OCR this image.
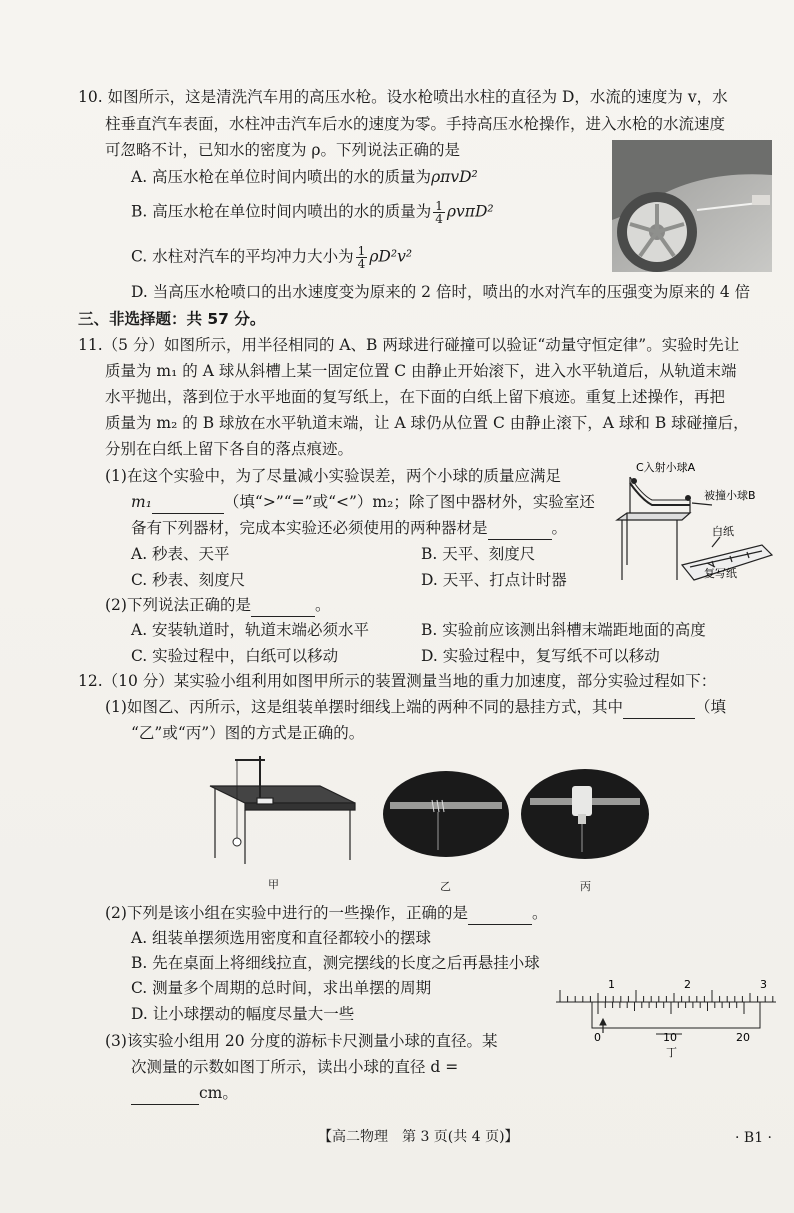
10. 如图所示，这是清洗汽车用的高压水枪。设水枪喷出水柱的直径为 D，水流的速度为 v，水
柱垂直汽车表面，水柱冲击汽车后水的速度为零。手持高压水枪操作，进入水枪的水流速度
可忽略不计，已知水的密度为 ρ。下列说法正确的是
A. 高压水枪在单位时间内喷出的水的质量为ρπvD²
B. 高压水枪在单位时间内喷出的水的质量为 $\frac{1}{4} \rho v\pi D^2$
C. 水柱对汽车的平均冲力大小为 $\frac{1}{4} \rho D^2v^2$
D. 当高压水枪喷口的出水速度变为原来的 2 倍时，喷出的水对汽车的压强变为原来的 4 倍
三、非选择题：共 57 分。
11.（5 分）如图所示，用半径相同的 A、B 两球进行碰撞可以验证“动量守恒定律”。实验时先让
质量为 m₁ 的 A 球从斜槽上某一固定位置 C 由静止开始滚下，进入水平轨道后，从轨道末端
水平抛出，落到位于水平地面的复写纸上，在下面的白纸上留下痕迹。重复上述操作，再把
质量为 m₂ 的 B 球放在水平轨道末端，让 A 球仍从位置 C 由静止滚下，A 球和 B 球碰撞后，
分别在白纸上留下各自的落点痕迹。
(1)在这个实验中，为了尽量减小实验误差，两个小球的质量应满足
m₁	（填“>”“=”或“<”）m₂；除了图中器材外，实验室还
备有下列器材，完成本实验还必须使用的两种器材是	。
A. 秒表、天平	B. 天平、刻度尺
C. 秒表、刻度尺	D. 天平、打点计时器
(2)下列说法正确的是	。
A. 安装轨道时，轨道末端必须水平	B. 实验前应该测出斜槽末端距地面的高度
C. 实验过程中，白纸可以移动	D. 实验过程中，复写纸不可以移动
C入射小球A
被撞小球B
白纸
复写纸
12.（10 分）某实验小组利用如图甲所示的装置测量当地的重力加速度，部分实验过程如下：
(1)如图乙、丙所示，这是组装单摆时细线上端的两种不同的悬挂方式，其中	（填
“乙”或“丙”）图的方式是正确的。
甲	乙	丙
(2)下列是该小组在实验中进行的一些操作，正确的是	。
A. 组装单摆须选用密度和直径都较小的摆球
B. 先在桌面上将细线拉直，测完摆线的长度之后再悬挂小球
C. 测量多个周期的总时间，求出单摆的周期
D. 让小球摆动的幅度尽量大一些
(3)该实验小组用 20 分度的游标卡尺测量小球的直径。某
次测量的示数如图丁所示，读出小球的直径 d =
cm。
1	2	3
0	10	20
丁
【高二物理　第 3 页(共 4 页)】	· B1 ·
